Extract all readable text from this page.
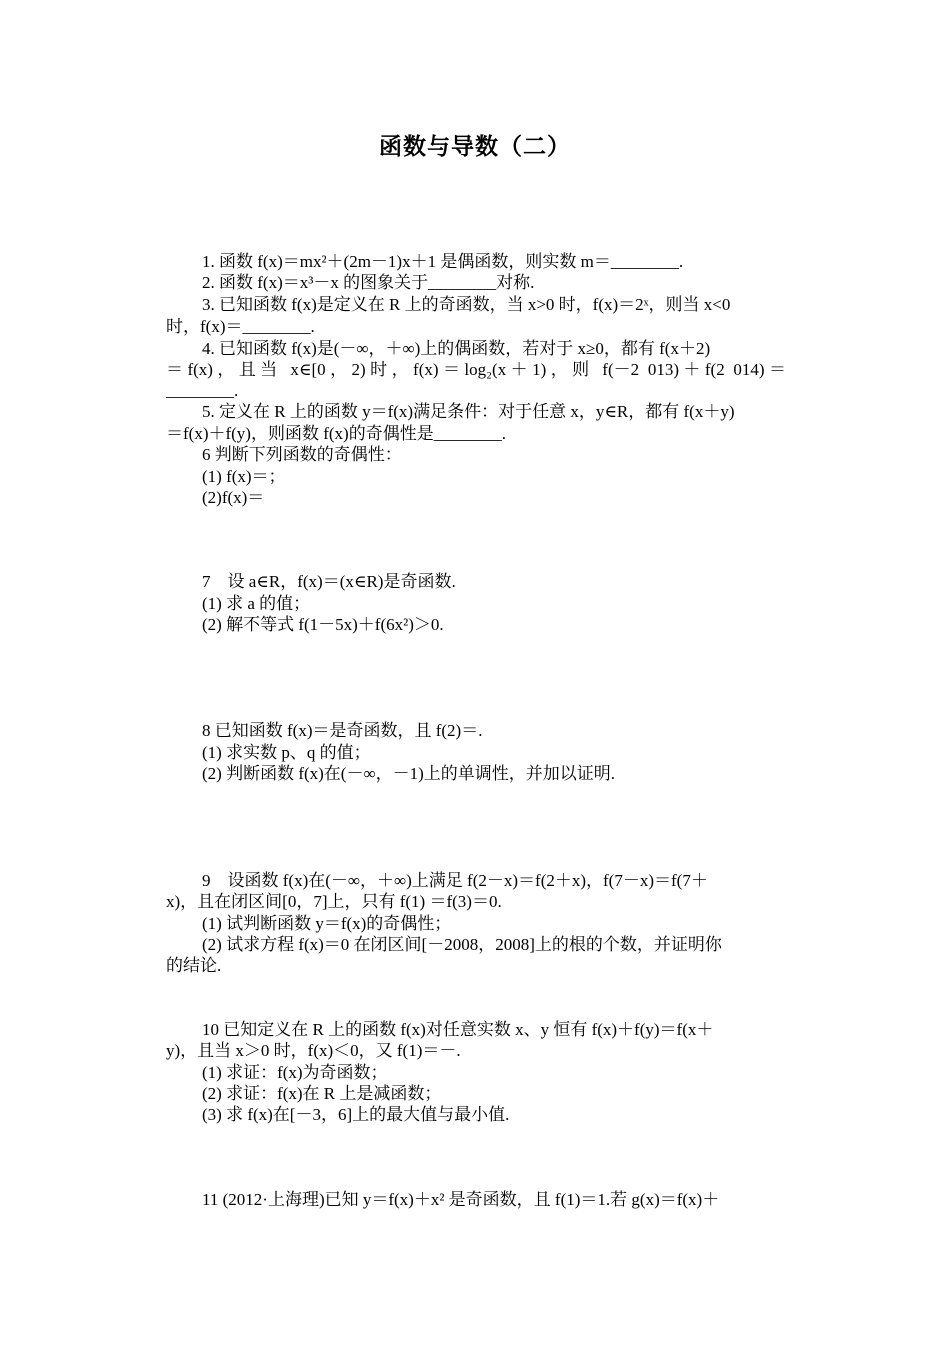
函数与导数（二）
1. 函数 f(x)＝mx²＋(2m－1)x＋1 是偶函数，则实数 m＝________.
2. 函数 f(x)＝x³－x 的图象关于________对称.
3. 已知函数 f(x)是定义在 R 上的奇函数，当 x>0 时，f(x)＝2ˣ，则当 x<0
时，f(x)＝________.
4. 已知函数 f(x)是(－∞，＋∞)上的偶函数，若对于 x≥0，都有 f(x＋2)
＝f(x)，且当 x∈[0，2)时，f(x)＝log₂(x＋1)，则 f(－2 013)＋f(2 014)＝
________.
5. 定义在 R 上的函数 y＝f(x)满足条件：对于任意 x，y∈R，都有 f(x＋y)
＝f(x)＋f(y)，则函数 f(x)的奇偶性是________.
6 判断下列函数的奇偶性：
(1) f(x)＝；
(2)f(x)＝
7　设 a∈R，f(x)＝(x∈R)是奇函数.
(1) 求 a 的值；
(2) 解不等式 f(1－5x)＋f(6x²)＞0.
8 已知函数 f(x)＝是奇函数，且 f(2)＝.
(1) 求实数 p、q 的值；
(2) 判断函数 f(x)在(－∞，－1)上的单调性，并加以证明.
9　设函数 f(x)在(－∞，＋∞)上满足 f(2－x)＝f(2＋x)，f(7－x)＝f(7＋
x)，且在闭区间[0，7]上，只有 f(1) ＝f(3)＝0.
(1) 试判断函数 y＝f(x)的奇偶性；
(2) 试求方程 f(x)＝0 在闭区间[－2008，2008]上的根的个数，并证明你
的结论.
10 已知定义在 R 上的函数 f(x)对任意实数 x、y 恒有 f(x)＋f(y)＝f(x＋
y)，且当 x＞0 时，f(x)＜0，又 f(1)＝－.
(1) 求证：f(x)为奇函数；
(2) 求证：f(x)在 R 上是减函数；
(3) 求 f(x)在[－3，6]上的最大值与最小值.
11 (2012·上海理)已知 y＝f(x)＋x² 是奇函数，且 f(1)＝1.若 g(x)＝f(x)＋
